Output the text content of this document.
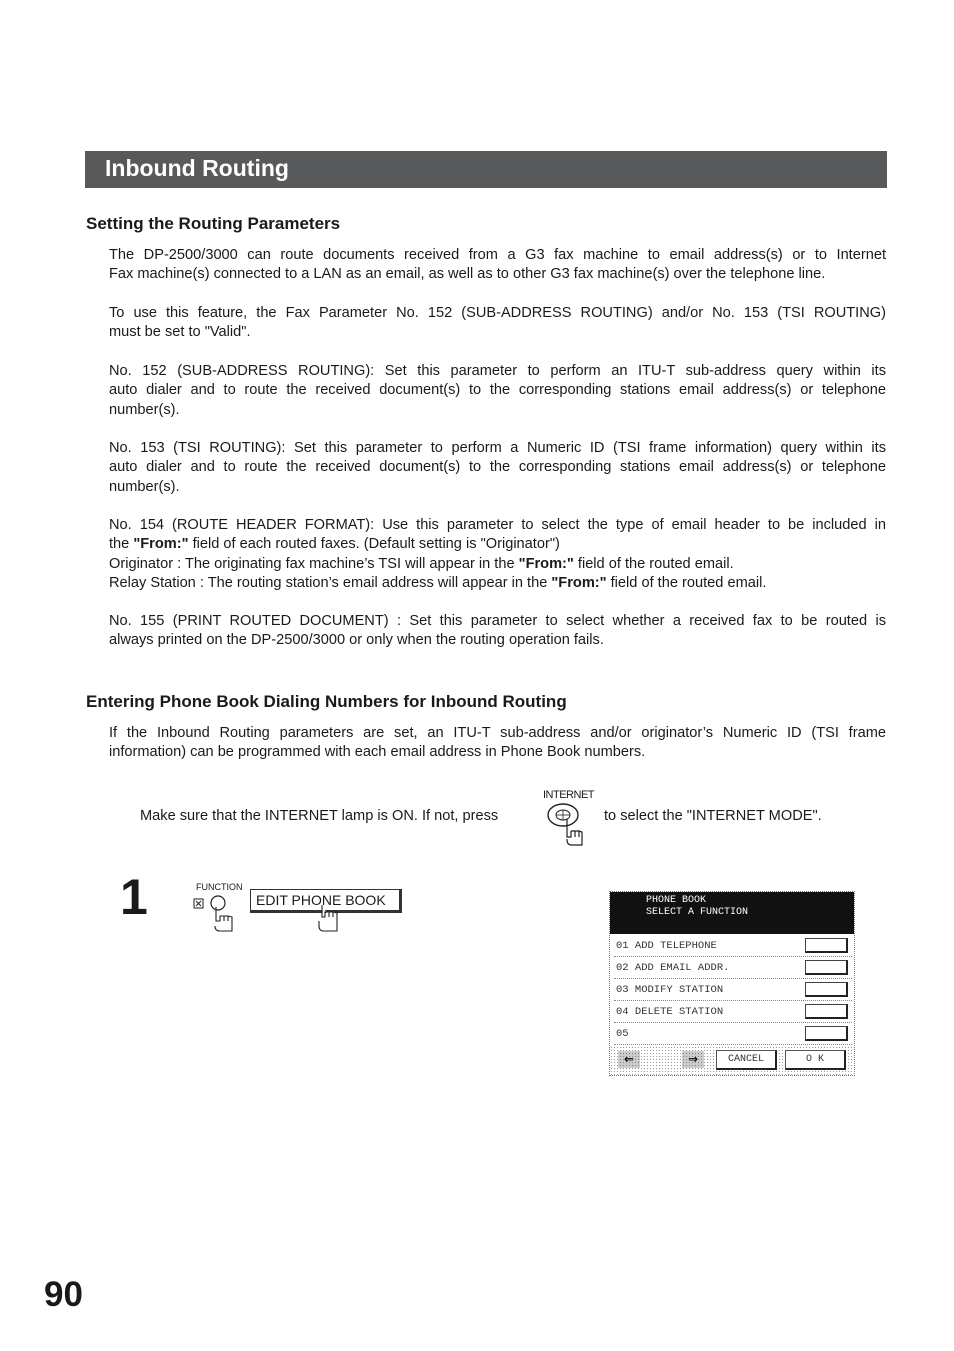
Inbound Routing
Setting the Routing Parameters
The DP-2500/3000 can route documents received from a G3 fax machine to email address(s) or to Internet
Fax machine(s) connected to a LAN as an email, as well as to other G3 fax machine(s) over the telephone line.
To use this feature, the Fax Parameter No. 152 (SUB-ADDRESS ROUTING) and/or No. 153 (TSI ROUTING)
must be set to "Valid".
No. 152 (SUB-ADDRESS ROUTING): Set this parameter to perform an ITU-T sub-address query within its
auto dialer and to route the received document(s) to the corresponding stations email address(s) or telephone
number(s).
No. 153 (TSI ROUTING): Set this parameter to perform a Numeric ID (TSI frame information) query within its
auto dialer and to route the received document(s) to the corresponding stations email address(s) or telephone
number(s).
No. 154 (ROUTE HEADER FORMAT): Use this parameter to select the type of email header to be included in
the "From:" field of each routed faxes. (Default setting is "Originator")
Originator : The originating fax machine’s TSI will appear in the "From:" field of the routed email.
Relay Station : The routing station’s email address will appear in the "From:" field of the routed email.
No. 155 (PRINT ROUTED DOCUMENT) : Set this parameter to select whether a received fax to be routed is
always printed on the DP-2500/3000 or only when the routing operation fails.
Entering Phone Book Dialing Numbers for Inbound Routing
If the Inbound Routing parameters are set, an ITU-T sub-address and/or originator’s Numeric ID (TSI frame
information) can be programmed with each email address in Phone Book numbers.
Make sure that the INTERNET lamp is ON. If not, press
INTERNET
to select the "INTERNET MODE".
1	FUNCTION
EDIT PHONE BOOK	PHONE BOOK
SELECT A FUNCTION
01 ADD TELEPHONE
02 ADD EMAIL ADDR.
03 MODIFY STATION
04 DELETE STATION
05
⇐	⇒	CANCEL	O K
90
